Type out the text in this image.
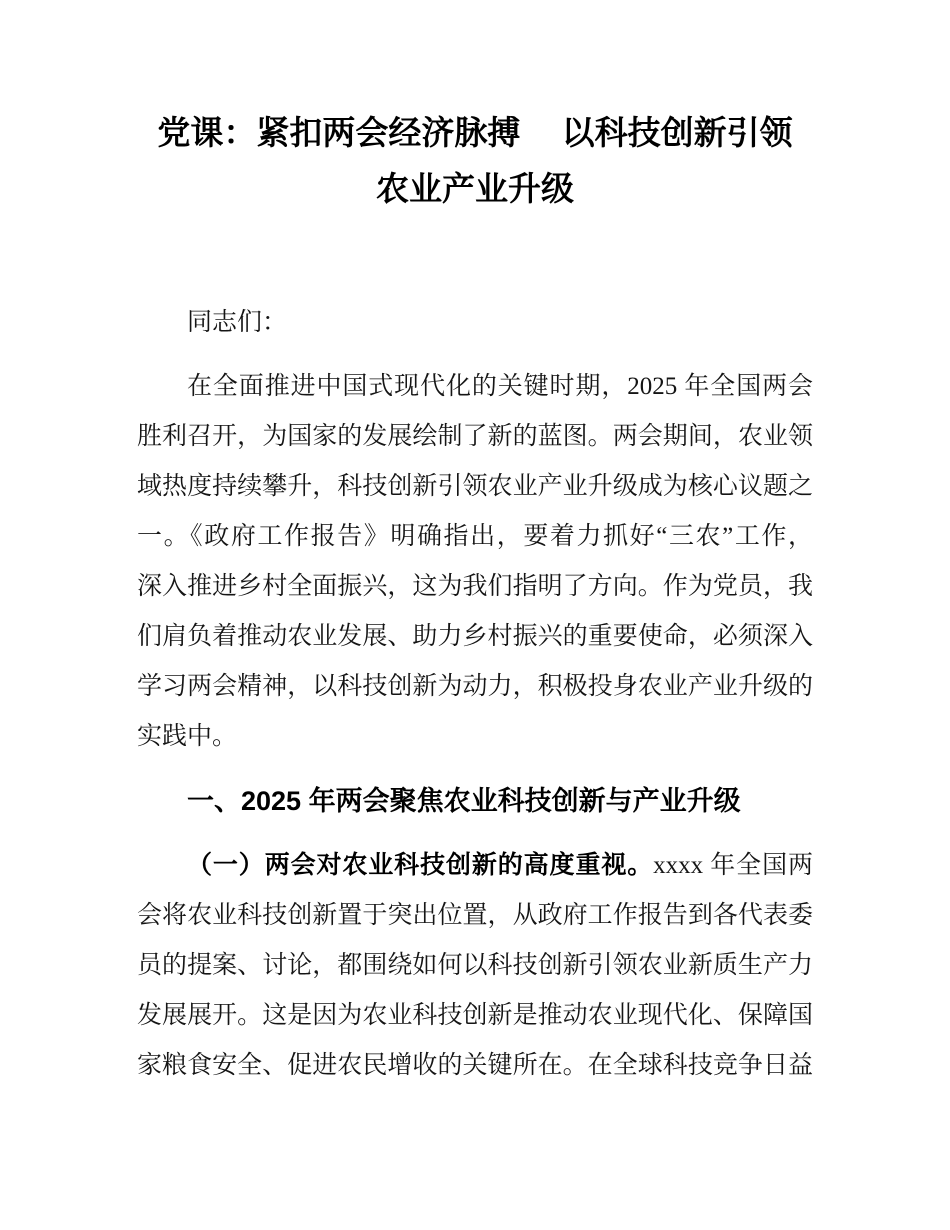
党课：紧扣两会经济脉搏　 以科技创新引领
农业产业升级
同志们：
在全面推进中国式现代化的关键时期，2025 年全国两会
胜利召开，为国家的发展绘制了新的蓝图。两会期间，农业领
域热度持续攀升，科技创新引领农业产业升级成为核心议题之
一。《政府工作报告》明确指出，要着力抓好“三农”工作，
深入推进乡村全面振兴，这为我们指明了方向。作为党员，我
们肩负着推动农业发展、助力乡村振兴的重要使命，必须深入
学习两会精神，以科技创新为动力，积极投身农业产业升级的
实践中。
一、2025 年两会聚焦农业科技创新与产业升级
（一）两会对农业科技创新的高度重视。xxxx 年全国两
会将农业科技创新置于突出位置，从政府工作报告到各代表委
员的提案、讨论，都围绕如何以科技创新引领农业新质生产力
发展展开。这是因为农业科技创新是推动农业现代化、保障国
家粮食安全、促进农民增收的关键所在。在全球科技竞争日益
